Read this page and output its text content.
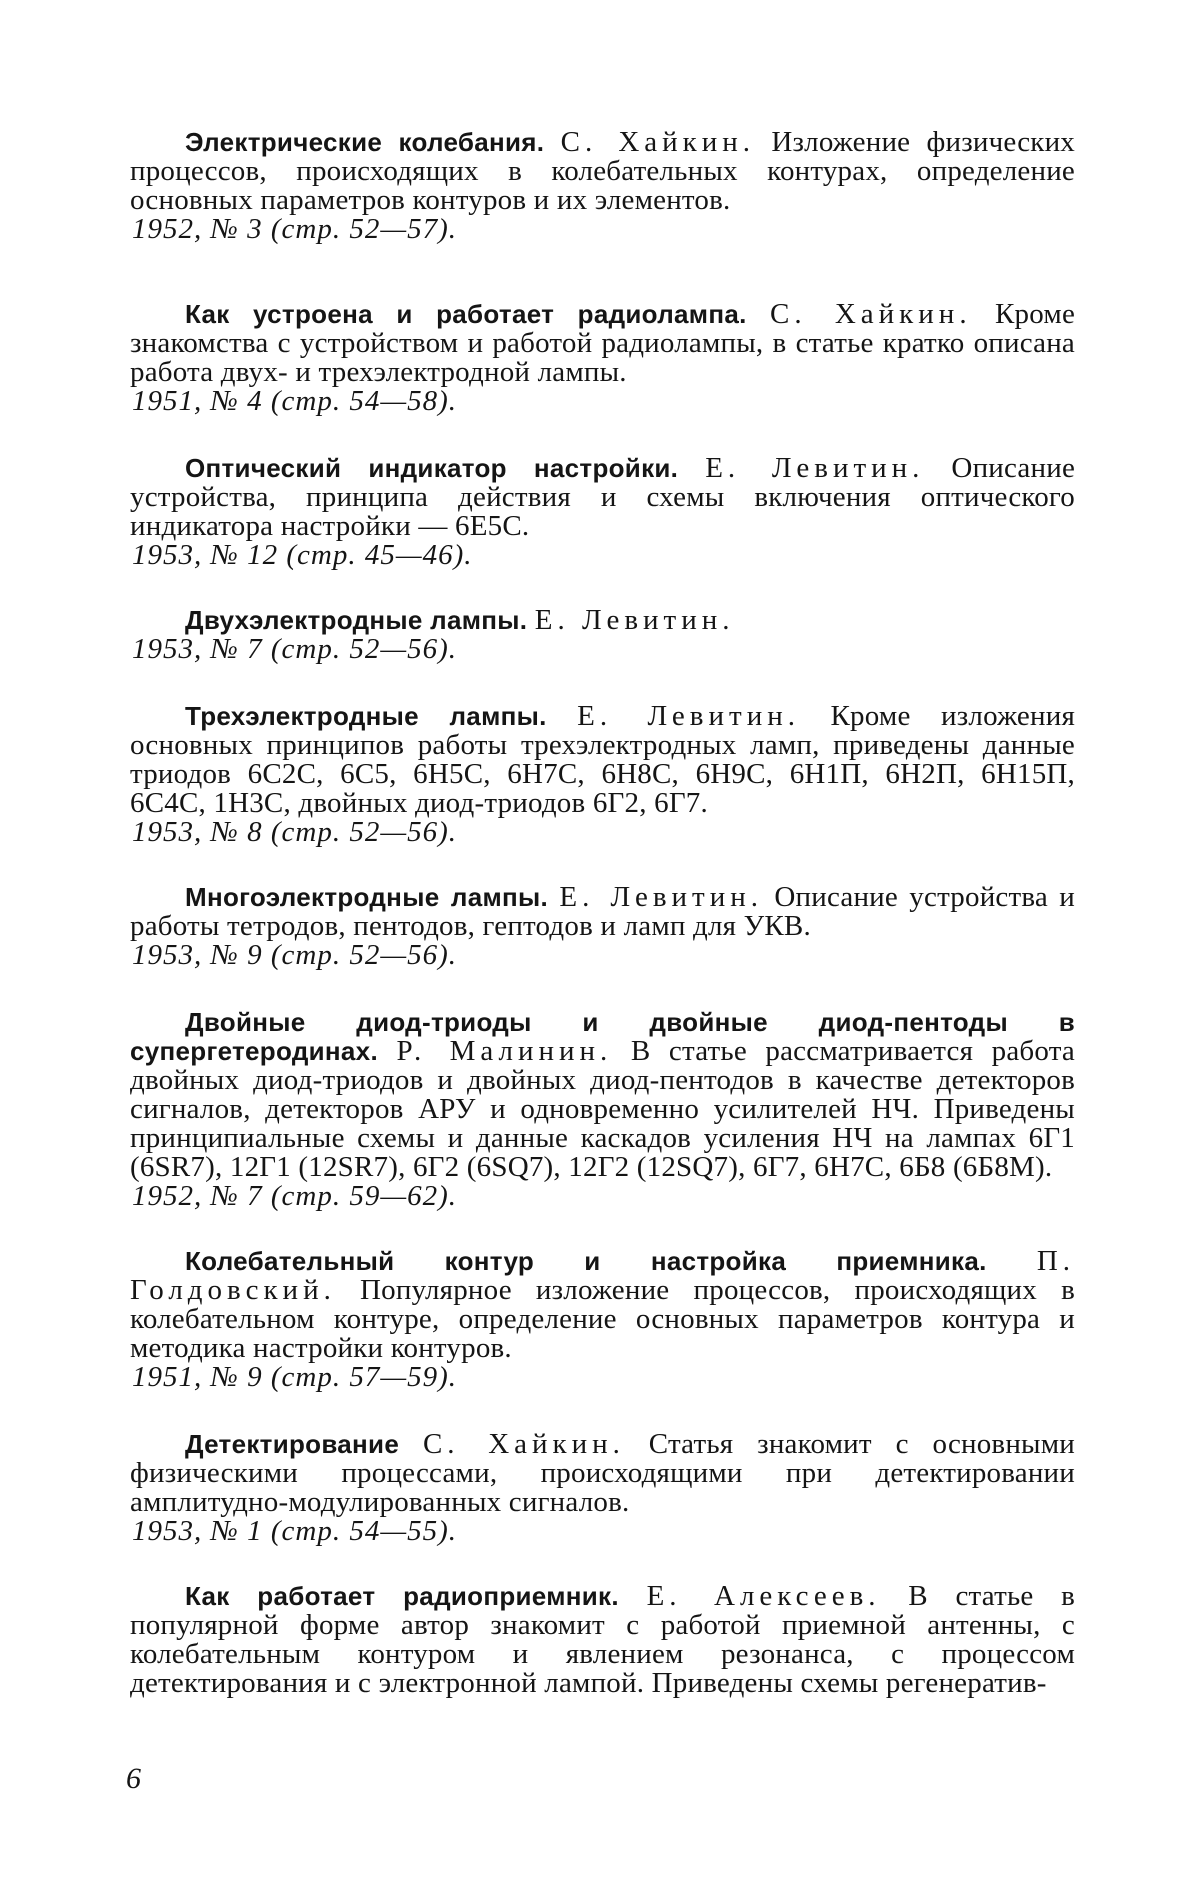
Электрические колебания. С. Хайкин. Изложение физических процессов, происходящих в колебательных контурах, определение основных параметров контуров и их элементов.
1952, № 3 (стр. 52—57).
Как устроена и работает радиолампа. С. Хайкин. Кроме знакомства с устройством и работой радиолампы, в статье кратко описана работа двух- и трехэлектродной лампы.
1951, № 4 (стр. 54—58).
Оптический индикатор настройки. Е. Левитин. Описание устройства, принципа действия и схемы включения оптического индикатора настройки — 6Е5С.
1953, № 12 (стр. 45—46).
Двухэлектродные лампы. Е. Левитин.
1953, № 7 (стр. 52—56).
Трехэлектродные лампы. Е. Левитин. Кроме изложения основных принципов работы трехэлектродных ламп, приведены данные триодов 6С2С, 6С5, 6Н5С, 6Н7С, 6Н8С, 6Н9С, 6Н1П, 6Н2П, 6Н15П, 6С4С, 1Н3С, двойных диод-триодов 6Г2, 6Г7.
1953, № 8 (стр. 52—56).
Многоэлектродные лампы. Е. Левитин. Описание устройства и работы тетродов, пентодов, гептодов и ламп для УКВ.
1953, № 9 (стр. 52—56).
Двойные диод-триоды и двойные диод-пентоды в супергетеродинах. Р. Малинин. В статье рассматривается работа двойных диод-триодов и двойных диод-пентодов в качестве детекторов сигналов, детекторов АРУ и одновременно усилителей НЧ. Приведены принципиальные схемы и данные каскадов усиления НЧ на лампах 6Г1 (6SR7), 12Г1 (12SR7), 6Г2 (6SQ7), 12Г2 (12SQ7), 6Г7, 6Н7С, 6Б8 (6Б8М).
1952, № 7 (стр. 59—62).
Колебательный контур и настройка приемника. П. Голдовский. Популярное изложение процессов, происходящих в колебательном контуре, определение основных параметров контура и методика настройки контуров.
1951, № 9 (стр. 57—59).
Детектирование С. Хайкин. Статья знакомит с основными физическими процессами, происходящими при детектировании амплитудно-модулированных сигналов.
1953, № 1 (стр. 54—55).
Как работает радиоприемник. Е. Алексеев. В статье в популярной форме автор знакомит с работой приемной антенны, с колебательным контуром и явлением резонанса, с процессом детектирования и с электронной лампой. Приведены схемы регенератив-
6
